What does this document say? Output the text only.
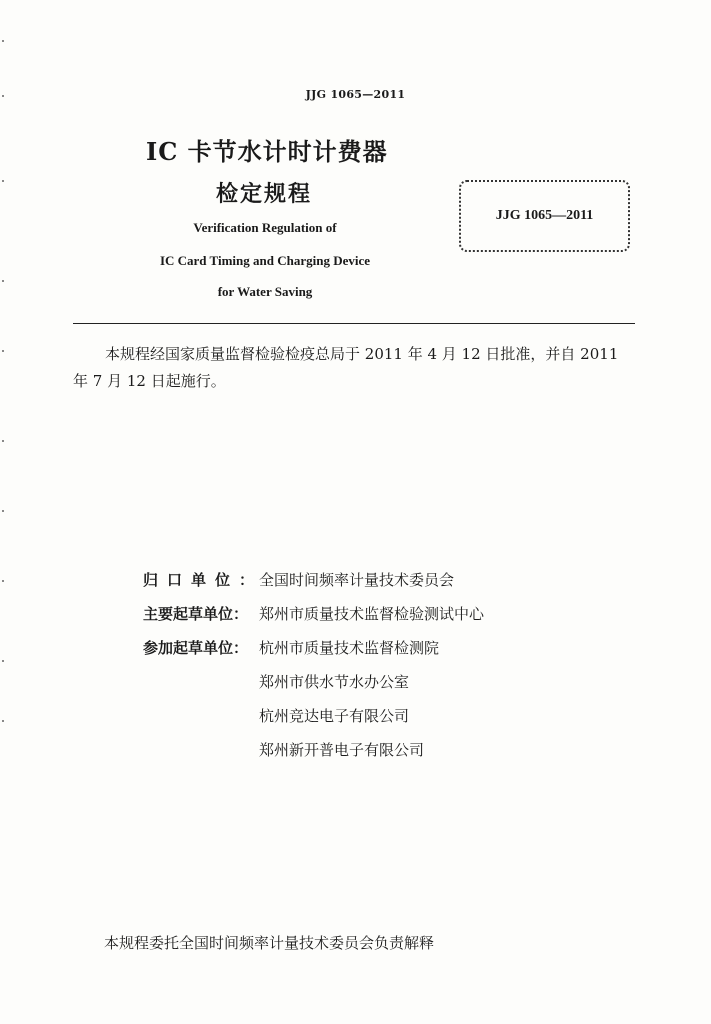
JJG 1065—2011
IC 卡节水计时计费器
检定规程
Verification Regulation of
IC Card Timing and Charging Device
for Water Saving
JJG 1065—2011
本规程经国家质量监督检验检疫总局于 2011 年 4 月 12 日批准，并自 2011 年 7 月 12 日起施行。
归口单位：
全国时间频率计量技术委员会
主要起草单位： 郑州市质量技术监督检验测试中心
参加起草单位： 杭州市质量技术监督检测院
郑州市供水节水办公室
杭州竞达电子有限公司
郑州新开普电子有限公司
本规程委托全国时间频率计量技术委员会负责解释
